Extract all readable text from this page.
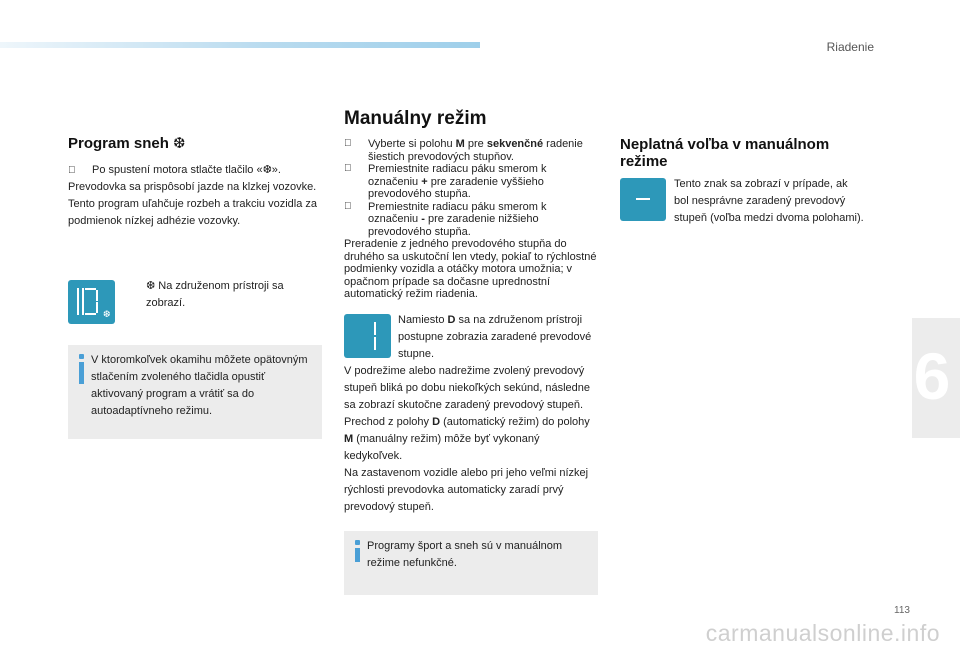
Riadenie
6
Program sneh ❆
Po spustení motora stlačte tlačilo «❆».
Prevodovka sa prispôsobí jazde na klzkej vozovke.
Tento program uľahčuje rozbeh a trakciu vozidla za podmienok nízkej adhézie vozovky.
❆
❆ Na združenom prístroji sa zobrazí.
V ktoromkoľvek okamihu môžete opätovným stlačením zvoleného tlačidla opustiť aktivovaný program a vrátiť sa do autoadaptívneho režimu.
Manuálny režim
Vyberte si polohu M pre sekvenčné radenie šiestich prevodových stupňov.
Premiestnite radiacu páku smerom k označeniu + pre zaradenie vyššieho prevodového stupňa.
Premiestnite radiacu páku smerom k označeniu - pre zaradenie nižšieho prevodového stupňa.
Preradenie z jedného prevodového stupňa do druhého sa uskutoční len vtedy, pokiaľ to rýchlostné podmienky vozidla a otáčky motora umožnia; v opačnom prípade sa dočasne uprednostní automatický režim riadenia.
Namiesto D sa na združenom prístroji postupne zobrazia zaradené prevodové stupne.
V podrežime alebo nadrežime zvolený prevodový stupeň bliká po dobu niekoľkých sekúnd, následne sa zobrazí skutočne zaradený prevodový stupeň.
Prechod z polohy D (automatický režim) do polohy M (manuálny režim) môže byť vykonaný kedykoľvek.
Na zastavenom vozidle alebo pri jeho veľmi nízkej rýchlosti prevodovka automaticky zaradí prvý prevodový stupeň.
Programy šport a sneh sú v manuálnom režime nefunkčné.
Neplatná voľba v manuálnom režime
Tento znak sa zobrazí v prípade, ak bol nesprávne zaradený prevodový stupeň (voľba medzi dvoma polohami).
113
carmanualsonline.info
